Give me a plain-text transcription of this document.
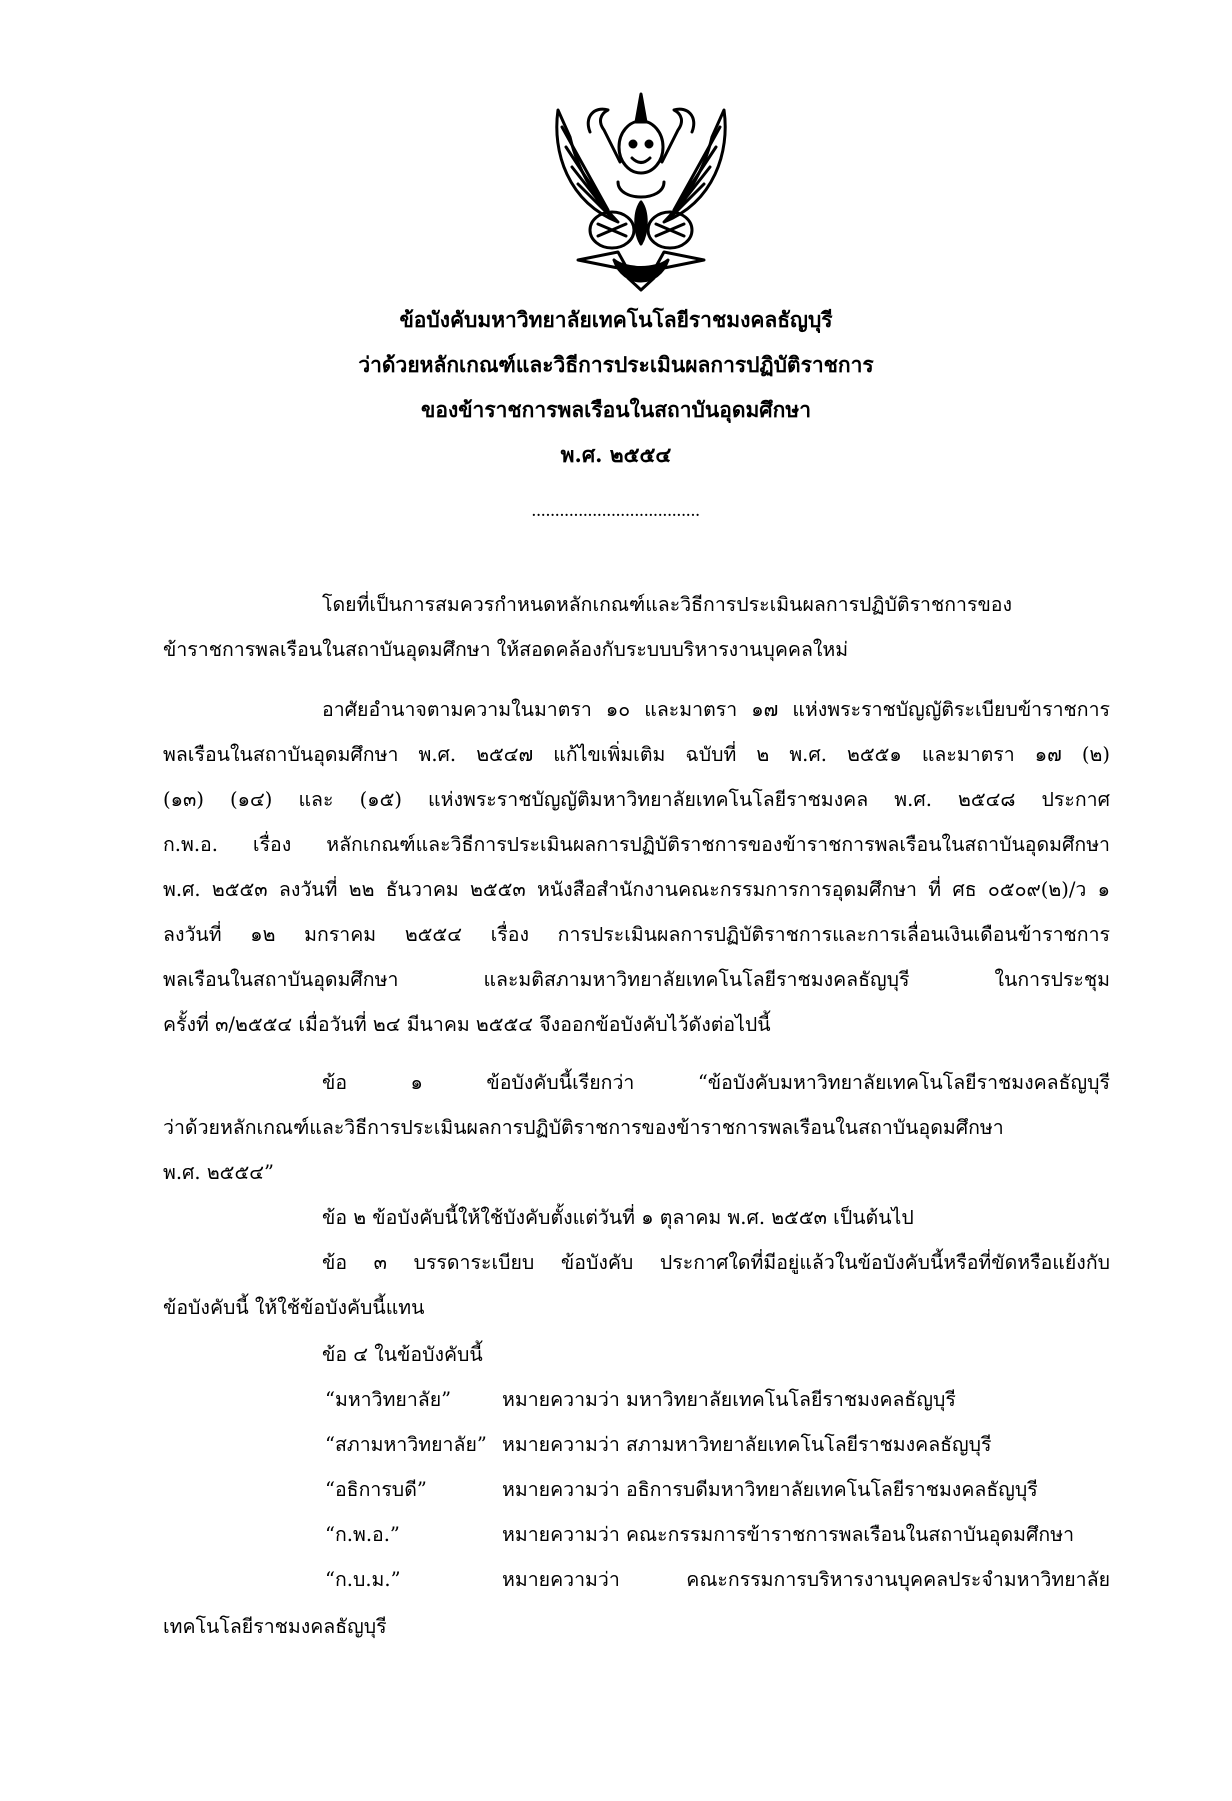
ข้อบังคับมหาวิทยาลัยเทคโนโลยีราชมงคลธัญบุรี
ว่าด้วยหลักเกณฑ์และวิธีการประเมินผลการปฏิบัติราชการ
ของข้าราชการพลเรือนในสถาบันอุดมศึกษา
พ.ศ. ๒๕๕๔
....................................
โดยที่เป็นการสมควรกำหนดหลักเกณฑ์และวิธีการประเมินผลการปฏิบัติราชการของ
ข้าราชการพลเรือนในสถาบันอุดมศึกษา ให้สอดคล้องกับระบบบริหารงานบุคคลใหม่
อาศัยอำนาจตามความในมาตรา ๑๐ และมาตรา ๑๗ แห่งพระราชบัญญัติระเบียบข้าราชการ
พลเรือนในสถาบันอุดมศึกษา พ.ศ. ๒๕๔๗ แก้ไขเพิ่มเติม ฉบับที่ ๒ พ.ศ. ๒๕๕๑ และมาตรา ๑๗ (๒)
(๑๓) (๑๔) และ (๑๕) แห่งพระราชบัญญัติมหาวิทยาลัยเทคโนโลยีราชมงคล พ.ศ. ๒๕๔๘ ประกาศ
ก.พ.อ. เรื่อง หลักเกณฑ์และวิธีการประเมินผลการปฏิบัติราชการของข้าราชการพลเรือนในสถาบันอุดมศึกษา
พ.ศ. ๒๕๕๓ ลงวันที่ ๒๒ ธันวาคม ๒๕๕๓ หนังสือสำนักงานคณะกรรมการการอุดมศึกษา ที่ ศธ ๐๕๐๙(๒)/ว ๑
ลงวันที่ ๑๒ มกราคม ๒๕๕๔ เรื่อง การประเมินผลการปฏิบัติราชการและการเลื่อนเงินเดือนข้าราชการ
พลเรือนในสถาบันอุดมศึกษา และมติสภามหาวิทยาลัยเทคโนโลยีราชมงคลธัญบุรี ในการประชุม
ครั้งที่ ๓/๒๕๕๔ เมื่อวันที่ ๒๔ มีนาคม ๒๕๕๔ จึงออกข้อบังคับไว้ดังต่อไปนี้
ข้อ ๑ ข้อบังคับนี้เรียกว่า “ข้อบังคับมหาวิทยาลัยเทคโนโลยีราชมงคลธัญบุรี
ว่าด้วยหลักเกณฑ์และวิธีการประเมินผลการปฏิบัติราชการของข้าราชการพลเรือนในสถาบันอุดมศึกษา
พ.ศ. ๒๕๕๔”
ข้อ ๒ ข้อบังคับนี้ให้ใช้บังคับตั้งแต่วันที่ ๑ ตุลาคม พ.ศ. ๒๕๕๓ เป็นต้นไป
ข้อ ๓ บรรดาระเบียบ ข้อบังคับ ประกาศใดที่มีอยู่แล้วในข้อบังคับนี้หรือที่ขัดหรือแย้งกับ
ข้อบังคับนี้ ให้ใช้ข้อบังคับนี้แทน
ข้อ ๔ ในข้อบังคับนี้
“มหาวิทยาลัย”	หมายความว่า มหาวิทยาลัยเทคโนโลยีราชมงคลธัญบุรี
“สภามหาวิทยาลัย” หมายความว่า สภามหาวิทยาลัยเทคโนโลยีราชมงคลธัญบุรี
“อธิการบดี”	หมายความว่า อธิการบดีมหาวิทยาลัยเทคโนโลยีราชมงคลธัญบุรี
“ก.พ.อ.”	หมายความว่า คณะกรรมการข้าราชการพลเรือนในสถาบันอุดมศึกษา
“ก.บ.ม.”	หมายความว่า คณะกรรมการบริหารงานบุคคลประจำมหาวิทยาลัย
เทคโนโลยีราชมงคลธัญบุรี
